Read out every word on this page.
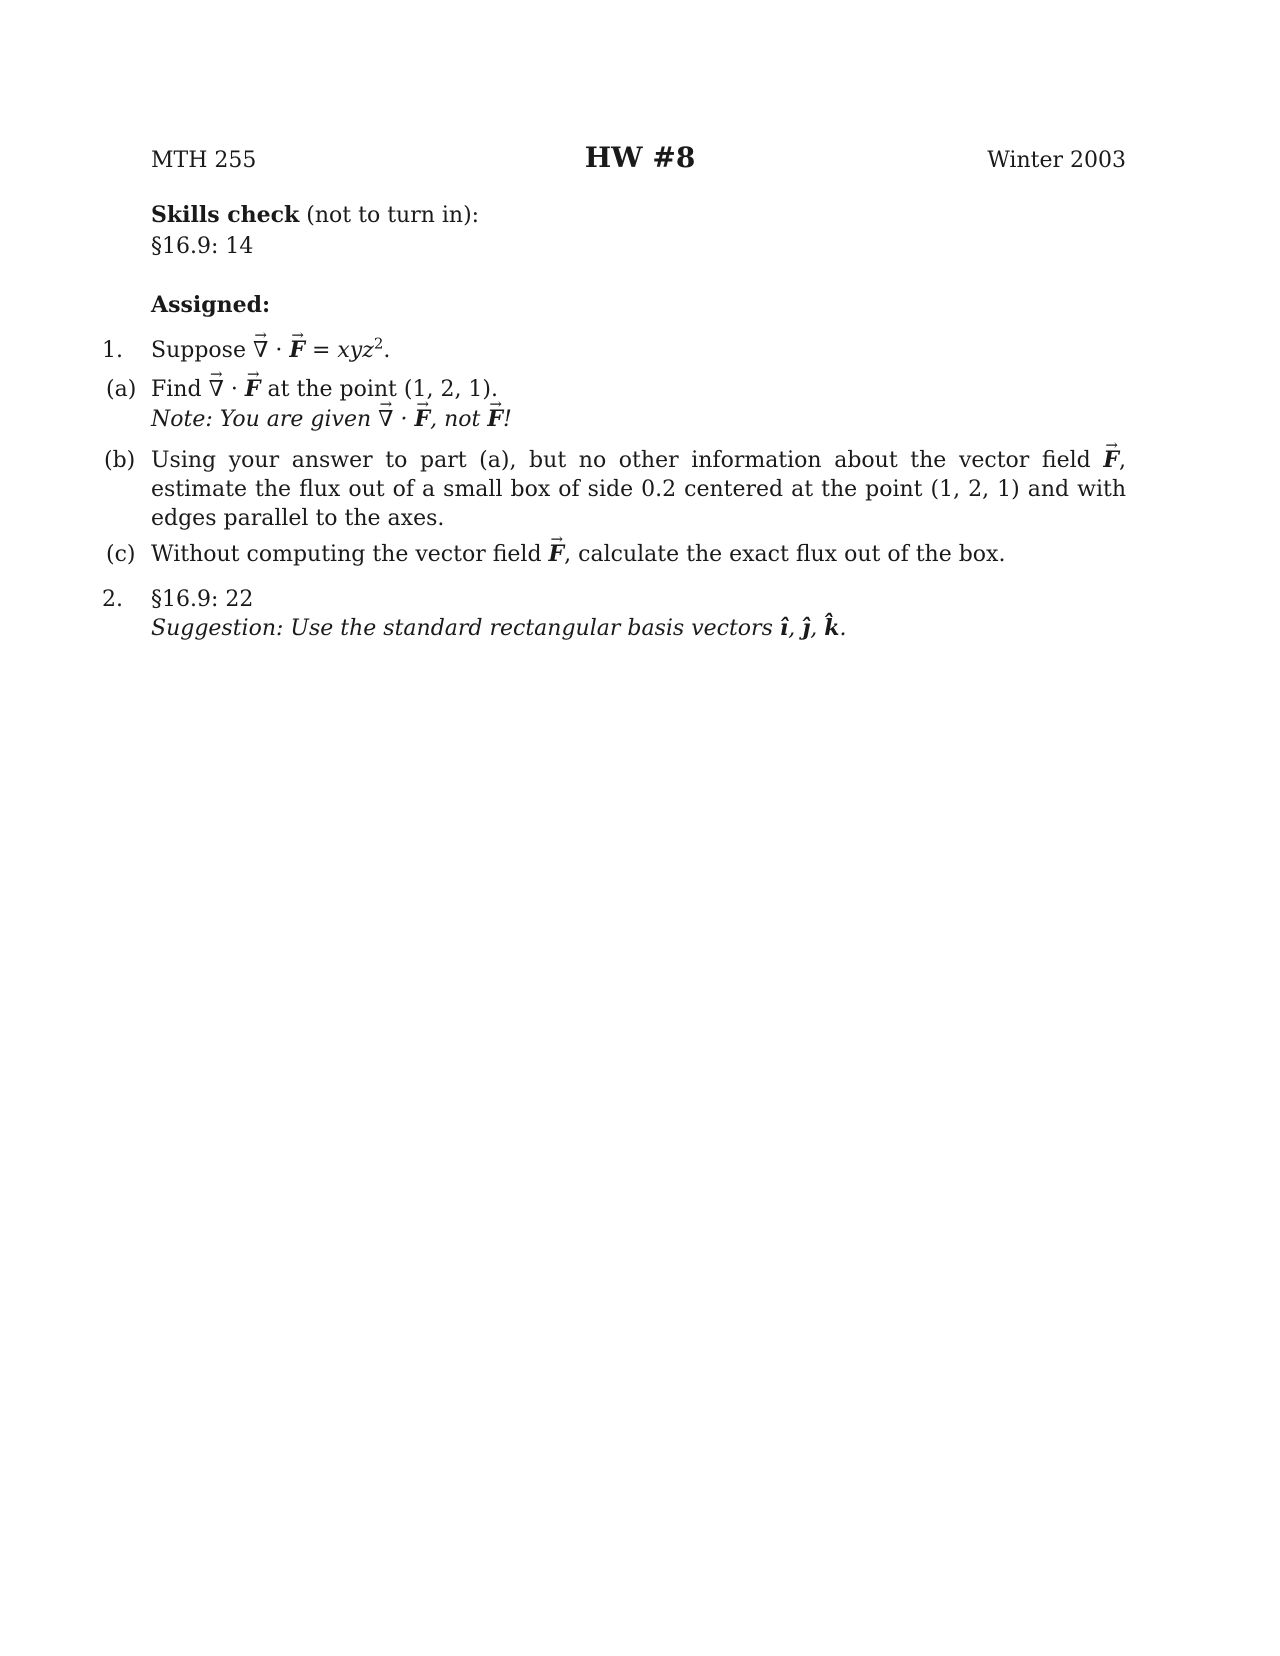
MTH 255	HW #8	Winter 2003
Skills check (not to turn in):
§16.9: 14
Assigned:
1.	Suppose → ∇ · → F = xyz$^2$.
(a) Find → ∇ · → F at the point (1, 2, 1).
Note: You are given → ∇ · → F, not → F!
(b) Using your answer to part (a), but no other information about the vector field → F, estimate the flux out of a small box of side 0.2 centered at the point (1, 2, 1) and with edges parallel to the axes.
(c) Without computing the vector field → F, calculate the exact flux out of the box.
2.	§16.9: 22
Suggestion: Use the standard rectangular basis vectors ı̂, ȷ̂, k̂.
